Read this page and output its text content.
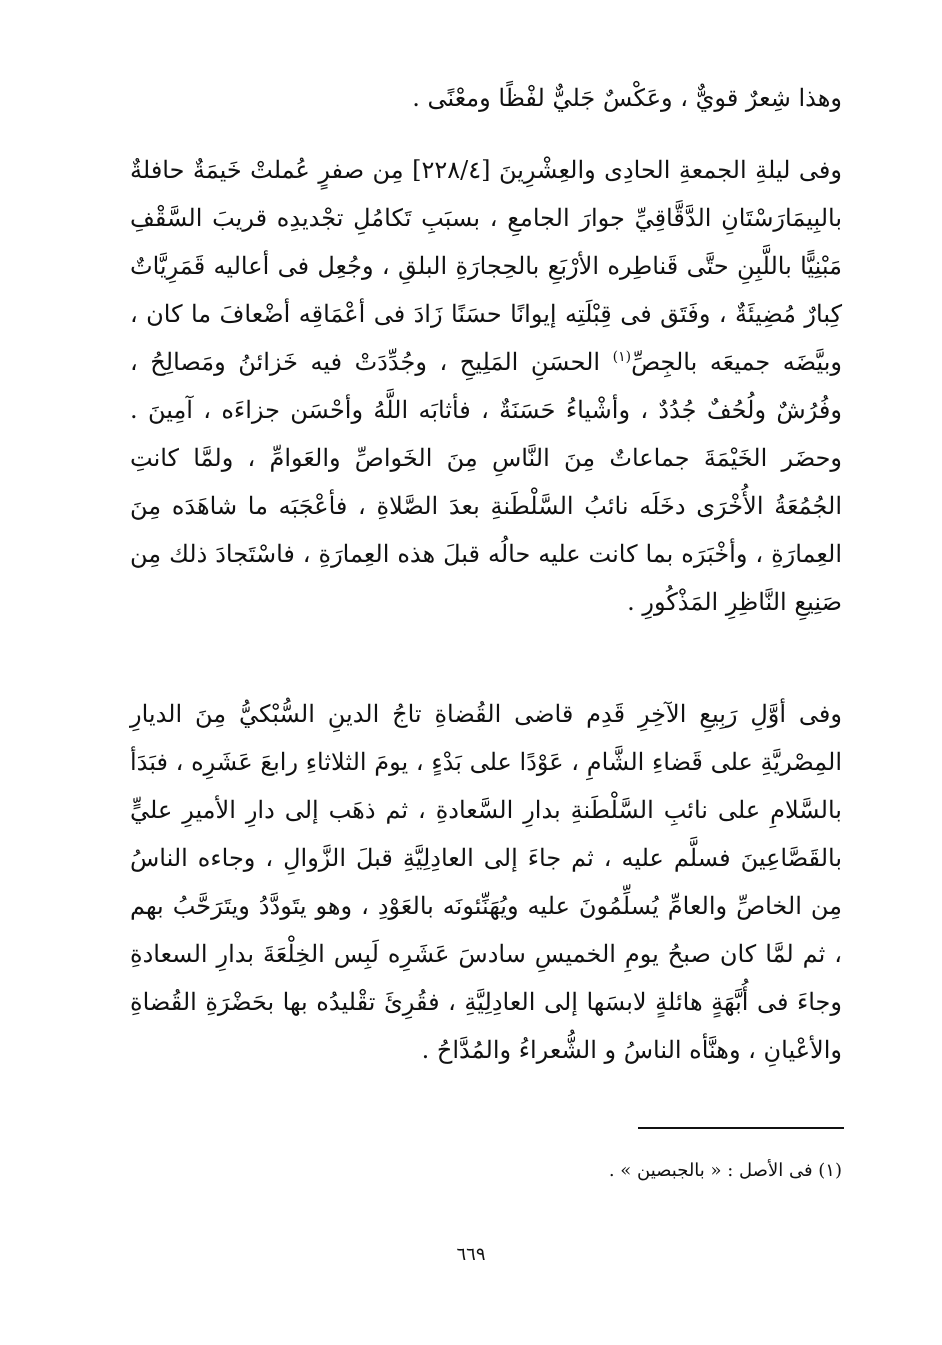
وهذا شِعرٌ قويٌّ ، وعَكْسٌ جَليٌّ لفْظًا ومعْنًى .

وفى ليلةِ الجمعةِ الحادِى والعِشْرِينَ [٢٢٨/٤] مِن صفرٍ عُملتْ خَيمَةٌ حافلةٌ بالبِيمَارَسْتَانِ الدَّقَّاقِيِّ جوارَ الجامعِ ، بسبَبِ تَكامُلِ تجْديدِه قريبَ السَّقْفِ مَبْنِيًّا باللَّبِنِ حتَّى قَناطِره الأرْبَعِ بالحِجارَةِ البلقِ ، وجُعِل فى أعاليه قَمَرِيَّاتٌ كِبارٌ مُضِيئَةٌ ، وفَتَق فى قِبْلَتِه إيوانًا حسَنًا زَادَ فى أعْمَاقِه أضْعافَ ما كان ، وبيَّضَه جميعَه بالجِصِّ$^{(١)}$ الحسَنِ المَلِيحِ ، وجُدِّدَتْ فيه خَزائنُ ومَصالِحُ ، وفُرُشٌ ولُحُفٌ جُدُدٌ ، وأشْياءُ حَسَنَةٌ ، فأثابَه اللَّهُ وأحْسَن جزاءَه ، آمِينَ . وحضَر الخَيْمَةَ جماعاتٌ مِنَ النَّاسِ مِنَ الخَواصِّ والعَوامِّ ، ولمَّا كانتِ الجُمُعَةُ الأُخْرَى دخَلَه نائبُ السَّلْطَنةِ بعدَ الصَّلاةِ ، فأعْجَبَه ما شاهَدَه مِنَ العِمارَةِ ، وأخْبَرَه بما كانت عليه حالُه قبلَ هذه العِمارَةِ ، فاسْتَجادَ ذلك مِن صَنِيعِ النَّاظِرِ المَذْكُورِ .

وفى أوَّلِ رَبِيعِ الآخِرِ قَدِم قاضى القُضاةِ تاجُ الدينِ السُّبْكيُّ مِنَ الديارِ المِصْريَّةِ على قَضاءِ الشَّامِ ، عَوْدًا على بَدْءٍ ، يومَ الثلاثاءِ رابعَ عَشَرِه ، فبَدَأ بالسَّلامِ على نائبِ السَّلْطَنةِ بدارِ السَّعادةِ ، ثم ذهَب إلى دارِ الأميرِ عليٍّ بالقَصَّاعِينَ فسلَّم عليه ، ثم جاءَ إلى العادِلِيَّةِ قبلَ الزَّوالِ ، وجاءه الناسُ مِن الخاصِّ والعامِّ يُسلِّمُونَ عليه ويُهَنِّئونَه بالعَوْدِ ، وهو يتَودَّدُ ويتَرَحَّبُ بهم ، ثم لمَّا كان صبحُ يومِ الخميسِ سادسَ عَشَرِه لَبِس الخِلْعَةَ بدارِ السعادةِ وجاءَ فى أُبَّهَةٍ هائلةٍ لابسَها إلى العادِلِيَّةِ ، فقُرِئَ تقْليدُه بها بحَضْرَةِ القُضاةِ والأعْيانِ ، وهنَّأه الناسُ و الشُّعراءُ والمُدَّاحُ .

(١) فى الأصل : « بالجبصين » .

٦٦٩
